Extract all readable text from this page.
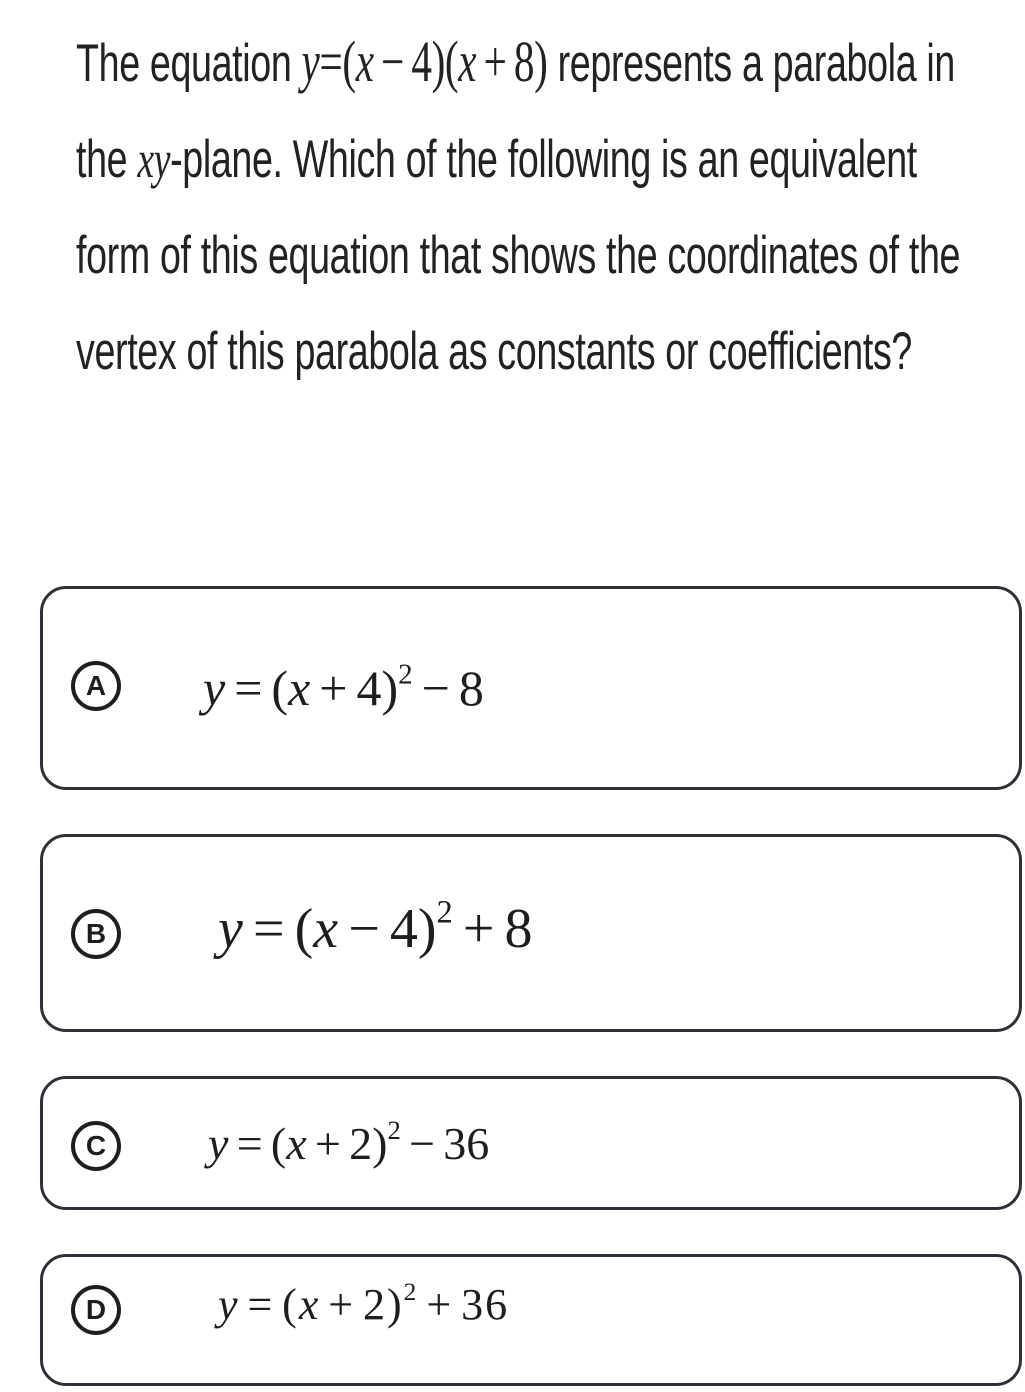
The equation y=(x − 4)(x + 8) represents a parabola in the xy-plane. Which of the following is an equivalent form of this equation that shows the coordinates of the vertex of this parabola as constants or coefficients?
A $y = (x + 4)^2 - 8$
B $y = (x - 4)^2 + 8$
C	$y = (x + 2)^2 - 36$
D	$y = (x + 2)^2 + 36$
